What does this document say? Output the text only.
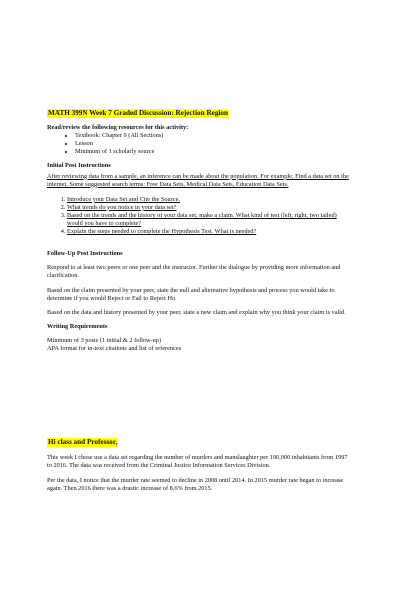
MATH 399N Week 7 Graded Discussion: Rejection Region
Read/review the following resources for this activity:
• Textbook: Chapter 9 (All Sections)
• Lesson
• Minimum of 1 scholarly source
Initial Post Instructions
After reviewing data from a sample, an inference can be made about the population. For example, Find a data set on the internet. Some suggested search terms: Free Data Sets, Medical Data Sets, Education Data Sets.
1. Introduce your Data Set and Cite the Source.
2. What trends do you notice in your data set?
3. Based on the trends and the history of your data set, make a claim. What kind of test (left, right, two tailed) would you have to complete?
4. Explain the steps needed to complete the Hypothesis Test. What is needed?
Follow-Up Post Instructions
Respond to at least two peers or one peer and the instructor. Further the dialogue by providing more information and clarification.
Based on the claim presented by your peer, state the null and alternative hypothesis and process you would take to determine if you would Reject or Fail to Reject Ho.
Based on the data and history presented by your peer, state a new claim and explain why you think your claim is valid.
Writing Requirements
Minimum of 3 posts (1 initial & 2 follow-up)
APA format for in-text citations and list of references
Hi class and Professor,
This week I chose use a data set regarding the number of murders and manslaughter per 100,000 inhabitants from 1997 to 2016. The data was received from the Criminal Justice Information Services Division.
Per the data, I notice that the murder rate seemed to decline in 2008 until 2014. In 2015 murder rate began to increase again. Then 2016 there was a drastic increase of 8.6% from 2015.
